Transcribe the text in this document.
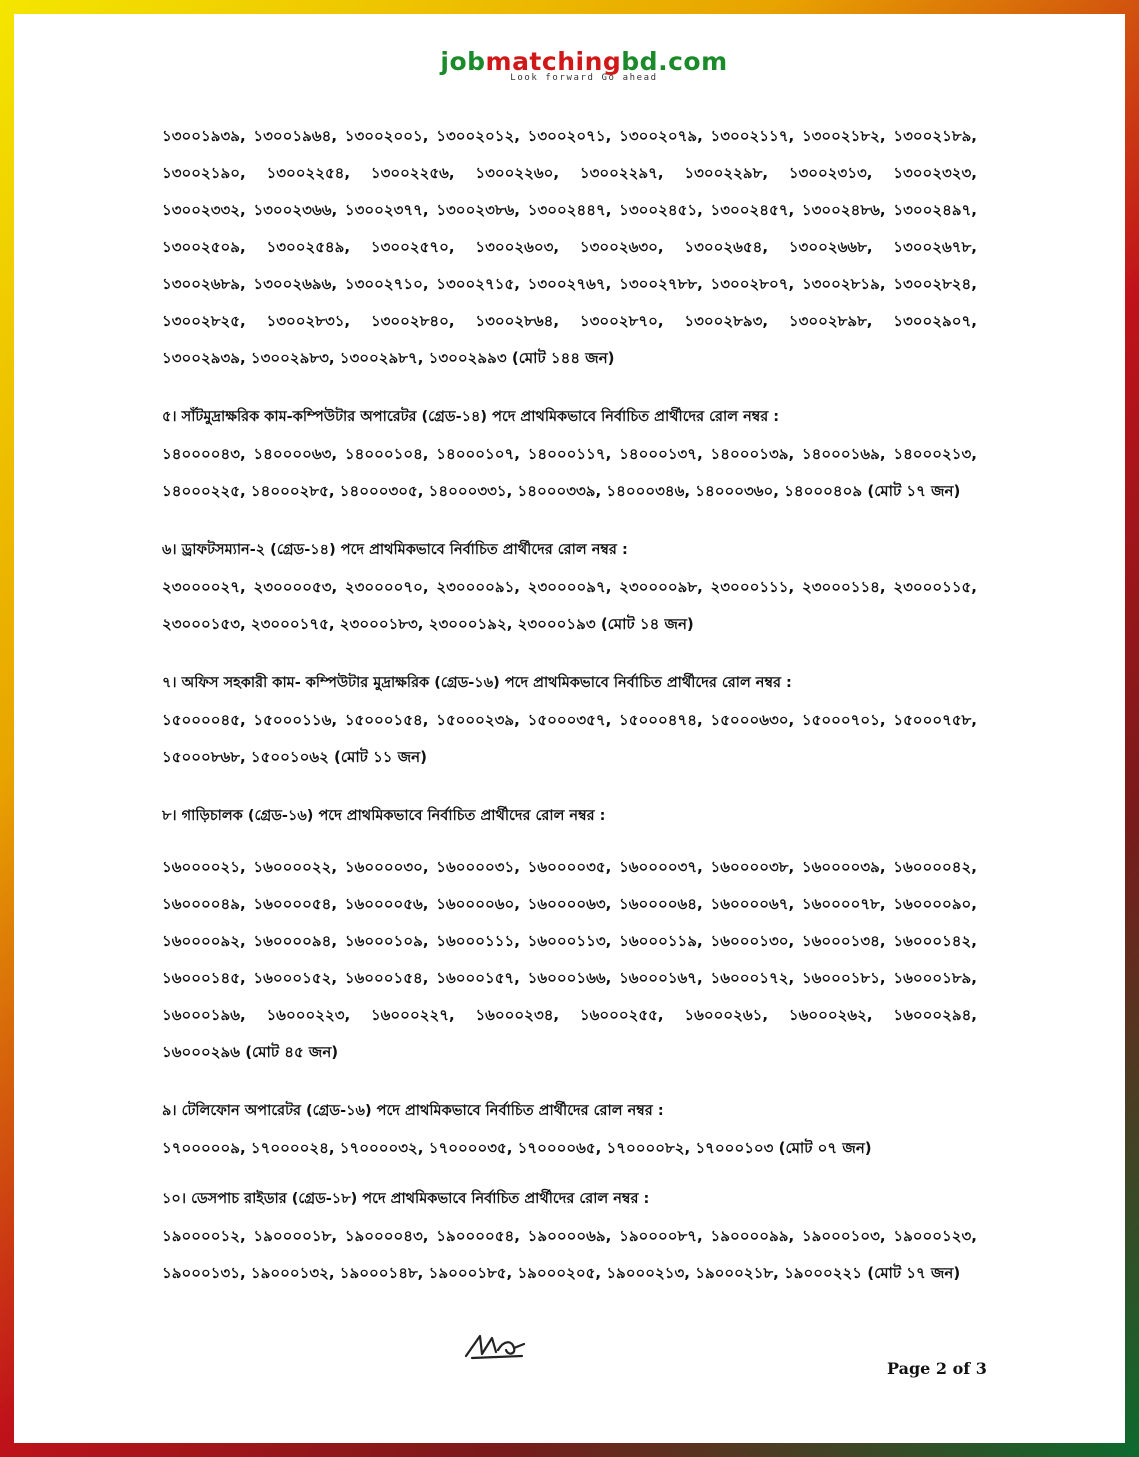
jobmatchingbd.com
Look forward Go ahead
১৩০০১৯৩৯, ১৩০০১৯৬৪, ১৩০০২০০১, ১৩০০২০১২, ১৩০০২০৭১, ১৩০০২০৭৯, ১৩০০২১১৭, ১৩০০২১৮২, ১৩০০২১৮৯,
১৩০০২১৯০, ১৩০০২২৫৪, ১৩০০২২৫৬, ১৩০০২২৬০, ১৩০০২২৯৭, ১৩০০২২৯৮, ১৩০০২৩১৩, ১৩০০২৩২৩,
১৩০০২৩৩২, ১৩০০২৩৬৬, ১৩০০২৩৭৭, ১৩০০২৩৮৬, ১৩০০২৪৪৭, ১৩০০২৪৫১, ১৩০০২৪৫৭, ১৩০০২৪৮৬, ১৩০০২৪৯৭,
১৩০০২৫০৯, ১৩০০২৫৪৯, ১৩০০২৫৭০, ১৩০০২৬০৩, ১৩০০২৬৩০, ১৩০০২৬৫৪, ১৩০০২৬৬৮, ১৩০০২৬৭৮,
১৩০০২৬৮৯, ১৩০০২৬৯৬, ১৩০০২৭১০, ১৩০০২৭১৫, ১৩০০২৭৬৭, ১৩০০২৭৮৮, ১৩০০২৮০৭, ১৩০০২৮১৯, ১৩০০২৮২৪,
১৩০০২৮২৫, ১৩০০২৮৩১, ১৩০০২৮৪০, ১৩০০২৮৬৪, ১৩০০২৮৭০, ১৩০০২৮৯৩, ১৩০০২৮৯৮, ১৩০০২৯০৭,
১৩০০২৯৩৯, ১৩০০২৯৮৩, ১৩০০২৯৮৭, ১৩০০২৯৯৩ (মোট ১৪৪ জন)
৫। সাঁটমুদ্রাক্ষরিক কাম-কম্পিউটার অপারেটর (গ্রেড-১৪) পদে প্রাথমিকভাবে নির্বাচিত প্রার্থীদের রোল নম্বর :
১৪০০০০৪৩, ১৪০০০০৬৩, ১৪০০০১০৪, ১৪০০০১০৭, ১৪০০০১১৭, ১৪০০০১৩৭, ১৪০০০১৩৯, ১৪০০০১৬৯, ১৪০০০২১৩,
১৪০০০২২৫, ১৪০০০২৮৫, ১৪০০০৩০৫, ১৪০০০৩৩১, ১৪০০০৩৩৯, ১৪০০০৩৪৬, ১৪০০০৩৬০, ১৪০০০৪০৯ (মোট ১৭ জন)
৬। ড্রাফটসম্যান-২ (গ্রেড-১৪) পদে প্রাথমিকভাবে নির্বাচিত প্রার্থীদের রোল নম্বর :
২৩০০০০২৭, ২৩০০০০৫৩, ২৩০০০০৭০, ২৩০০০০৯১, ২৩০০০০৯৭, ২৩০০০০৯৮, ২৩০০০১১১, ২৩০০০১১৪, ২৩০০০১১৫,
২৩০০০১৫৩, ২৩০০০১৭৫, ২৩০০০১৮৩, ২৩০০০১৯২, ২৩০০০১৯৩ (মোট ১৪ জন)
৭। অফিস সহকারী কাম- কম্পিউটার মুদ্রাক্ষরিক (গ্রেড-১৬) পদে প্রাথমিকভাবে নির্বাচিত প্রার্থীদের রোল নম্বর :
১৫০০০০৪৫, ১৫০০০১১৬, ১৫০০০১৫৪, ১৫০০০২৩৯, ১৫০০০৩৫৭, ১৫০০০৪৭৪, ১৫০০০৬৩০, ১৫০০০৭০১, ১৫০০০৭৫৮,
১৫০০০৮৬৮, ১৫০০১০৬২ (মোট ১১ জন)
৮। গাড়িচালক (গ্রেড-১৬) পদে প্রাথমিকভাবে নির্বাচিত প্রার্থীদের রোল নম্বর :
১৬০০০০২১, ১৬০০০০২২, ১৬০০০০৩০, ১৬০০০০৩১, ১৬০০০০৩৫, ১৬০০০০৩৭, ১৬০০০০৩৮, ১৬০০০০৩৯, ১৬০০০০৪২,
১৬০০০০৪৯, ১৬০০০০৫৪, ১৬০০০০৫৬, ১৬০০০০৬০, ১৬০০০০৬৩, ১৬০০০০৬৪, ১৬০০০০৬৭, ১৬০০০০৭৮, ১৬০০০০৯০,
১৬০০০০৯২, ১৬০০০০৯৪, ১৬০০০১০৯, ১৬০০০১১১, ১৬০০০১১৩, ১৬০০০১১৯, ১৬০০০১৩০, ১৬০০০১৩৪, ১৬০০০১৪২,
১৬০০০১৪৫, ১৬০০০১৫২, ১৬০০০১৫৪, ১৬০০০১৫৭, ১৬০০০১৬৬, ১৬০০০১৬৭, ১৬০০০১৭২, ১৬০০০১৮১, ১৬০০০১৮৯,
১৬০০০১৯৬, ১৬০০০২২৩, ১৬০০০২২৭, ১৬০০০২৩৪, ১৬০০০২৫৫, ১৬০০০২৬১, ১৬০০০২৬২, ১৬০০০২৯৪,
১৬০০০২৯৬ (মোট ৪৫ জন)
৯। টেলিফোন অপারেটর (গ্রেড-১৬) পদে প্রাথমিকভাবে নির্বাচিত প্রার্থীদের রোল নম্বর :
১৭০০০০০৯, ১৭০০০০২৪, ১৭০০০০৩২, ১৭০০০০৩৫, ১৭০০০০৬৫, ১৭০০০০৮২, ১৭০০০১০৩ (মোট ০৭ জন)
১০। ডেসপাচ রাইডার (গ্রেড-১৮) পদে প্রাথমিকভাবে নির্বাচিত প্রার্থীদের রোল নম্বর :
১৯০০০০১২, ১৯০০০০১৮, ১৯০০০০৪৩, ১৯০০০০৫৪, ১৯০০০০৬৯, ১৯০০০০৮৭, ১৯০০০০৯৯, ১৯০০০১০৩, ১৯০০০১২৩,
১৯০০০১৩১, ১৯০০০১৩২, ১৯০০০১৪৮, ১৯০০০১৮৫, ১৯০০০২০৫, ১৯০০০২১৩, ১৯০০০২১৮, ১৯০০০২২১ (মোট ১৭ জন)
Page 2 of 3
